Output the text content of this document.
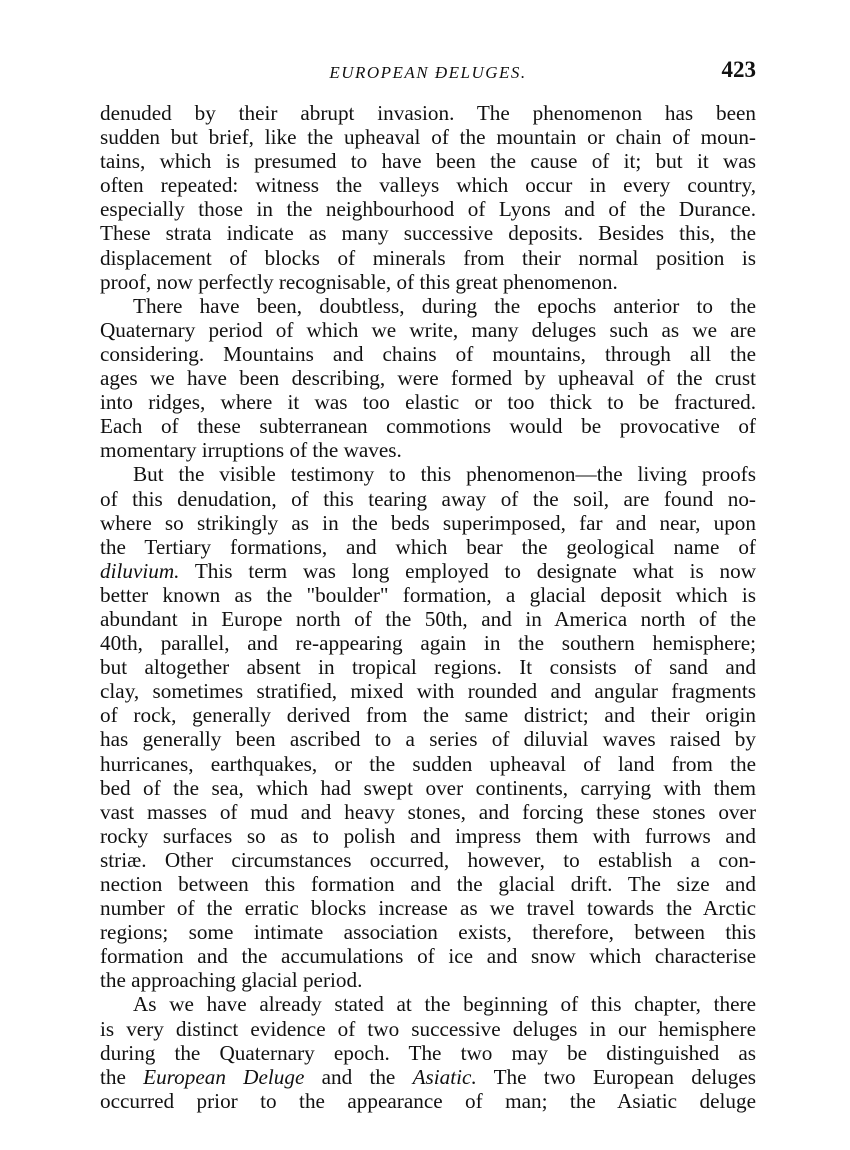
EUROPEAN ĐELUGES.	423

denuded by their abrupt invasion. The phenomenon has been
sudden but brief, like the upheaval of the mountain or chain of moun-
tains, which is presumed to have been the cause of it; but it was
often repeated: witness the valleys which occur in every country,
especially those in the neighbourhood of Lyons and of the Durance.
These strata indicate as many successive deposits. Besides this, the
displacement of blocks of minerals from their normal position is
proof, now perfectly recognisable, of this great phenomenon.

There have been, doubtless, during the epochs anterior to the
Quaternary period of which we write, many deluges such as we are
considering. Mountains and chains of mountains, through all the
ages we have been describing, were formed by upheaval of the crust
into ridges, where it was too elastic or too thick to be fractured.
Each of these subterranean commotions would be provocative of
momentary irruptions of the waves.

But the visible testimony to this phenomenon—the living proofs
of this denudation, of this tearing away of the soil, are found no-
where so strikingly as in the beds superimposed, far and near, upon
the Tertiary formations, and which bear the geological name of
diluvium. This term was long employed to designate what is now
better known as the "boulder" formation, a glacial deposit which is
abundant in Europe north of the 50th, and in America north of the
40th, parallel, and re-appearing again in the southern hemisphere;
but altogether absent in tropical regions. It consists of sand and
clay, sometimes stratified, mixed with rounded and angular fragments
of rock, generally derived from the same district; and their origin
has generally been ascribed to a series of diluvial waves raised by
hurricanes, earthquakes, or the sudden upheaval of land from the
bed of the sea, which had swept over continents, carrying with them
vast masses of mud and heavy stones, and forcing these stones over
rocky surfaces so as to polish and impress them with furrows and
striæ. Other circumstances occurred, however, to establish a con-
nection between this formation and the glacial drift. The size and
number of the erratic blocks increase as we travel towards the Arctic
regions; some intimate association exists, therefore, between this
formation and the accumulations of ice and snow which characterise
the approaching glacial period.

As we have already stated at the beginning of this chapter, there
is very distinct evidence of two successive deluges in our hemisphere
during the Quaternary epoch. The two may be distinguished as
the European Deluge and the Asiatic. The two European deluges
occurred prior to the appearance of man; the Asiatic deluge
